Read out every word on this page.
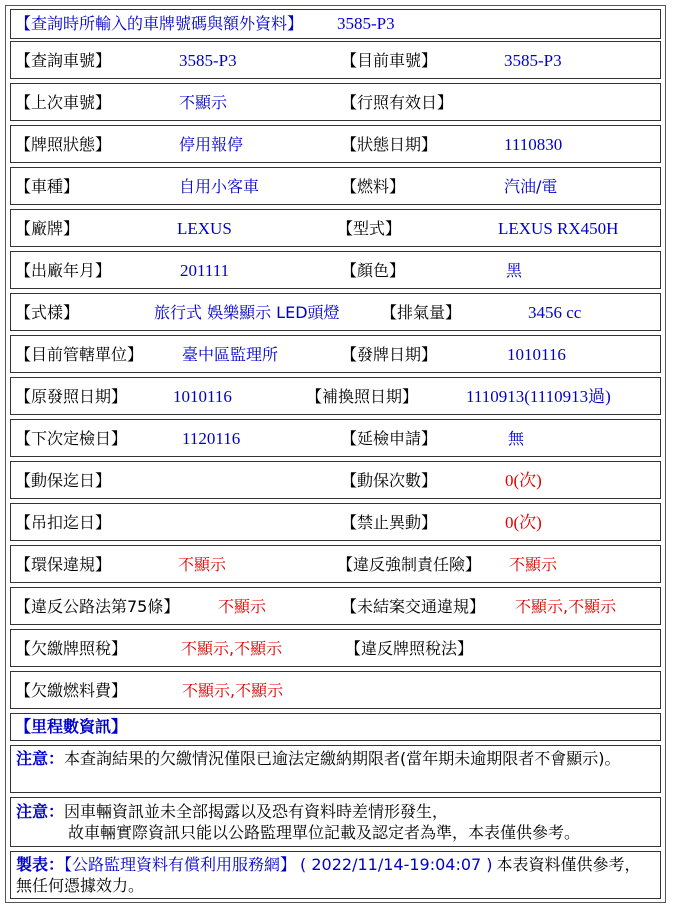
【查詢時所輸入的車牌號碼與額外資料】 3585-P3
【查詢車號】	3585-P3	【目前車號】	3585-P3
【上次車號】	不顯示	【行照有效日】
【牌照狀態】	停用報停	【狀態日期】	1110830
【車種】	自用小客車	【燃料】	汽油/電
【廠牌】	LEXUS	【型式】	LEXUS RX450H
【出廠年月】	201111	【顏色】	黑
【式樣】	旅行式 娛樂顯示 LED頭燈	【排氣量】	3456 cc
【目前管轄單位】 臺中區監理所	【發牌日期】	1010116
【原發照日期】	1010116	【補換照日期】	1110913(1110913過)
【下次定檢日】	1120116	【延檢申請】	無
【動保迄日】	【動保次數】	0(次)
【吊扣迄日】	【禁止異動】	0(次)
【環保違規】	不顯示	【違反強制責任險】 不顯示
【違反公路法第75條】 不顯示	【未結案交通違規】 不顯示,不顯示
【欠繳牌照稅】	不顯示,不顯示	【違反牌照稅法】
【欠繳燃料費】	不顯示,不顯示
【里程數資訊】
注意：本查詢結果的欠繳情況僅限已逾法定繳納期限者(當年期未逾期限者不會顯示)。
注意：因車輛資訊並未全部揭露以及恐有資料時差情形發生，
故車輛實際資訊只能以公路監理單位記載及認定者為準，本表僅供參考。
製表：【公路監理資料有償利用服務網】 ( 2022/11/14-19:04:07 ) 本表資料僅供參考，無任何憑據效力。
